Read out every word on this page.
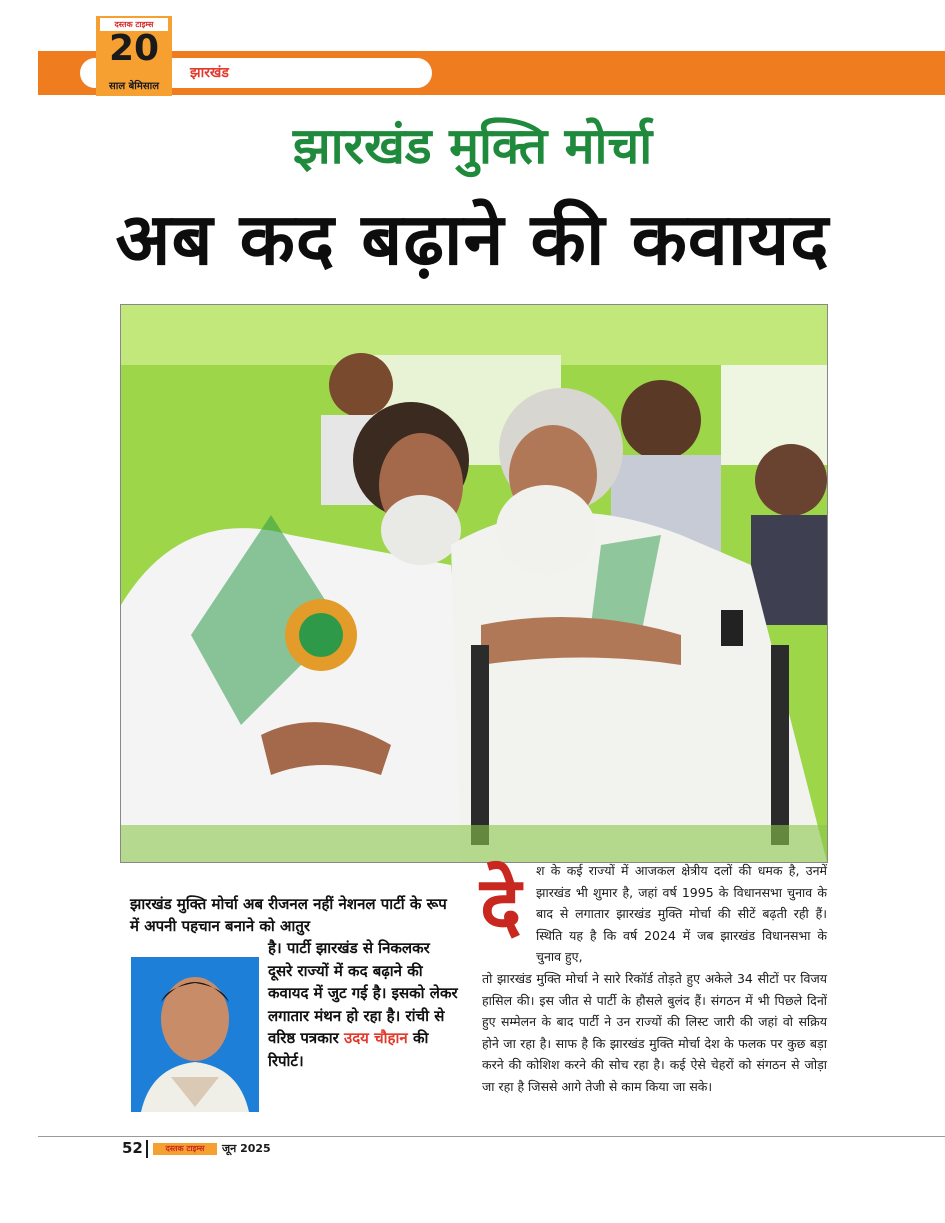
झारखंड
दस्तक टाइम्स
20
साल बेमिसाल
झारखंड मुक्ति मोर्चा
अब कद बढ़ाने की कवायद
झारखंड मुक्ति मोर्चा अब रीजनल नहीं नेशनल पार्टी के रूप में अपनी पहचान बनाने को आतुर
है। पार्टी झारखंड से निकलकर दूसरे राज्यों में कद बढ़ाने की कवायद में जुट गई है। इसको लेकर लगातार मंथन हो रहा है। रांची से वरिष्ठ पत्रकार उदय चौहान की रिपोर्ट।
दे	श के कई राज्यों में आजकल क्षेत्रीय दलों की धमक है, उनमें झारखंड भी शुमार है, जहां वर्ष 1995 के विधानसभा चुनाव के बाद से लगातार झारखंड मुक्ति मोर्चा की सीटें बढ़ती रही हैं। स्थिति यह है कि वर्ष 2024 में जब झारखंड विधानसभा के चुनाव हुए,
तो झारखंड मुक्ति मोर्चा ने सारे रिकॉर्ड तोड़ते हुए अकेले 34 सीटों पर विजय हासिल की। इस जीत से पार्टी के हौसले बुलंद हैं। संगठन में भी पिछले दिनों हुए सम्मेलन के बाद पार्टी ने उन राज्यों की लिस्ट जारी की जहां वो सक्रिय होने जा रहा है। साफ है कि झारखंड मुक्ति मोर्चा देश के फलक पर कुछ बड़ा करने की कोशिश करने की सोच रहा है। कई ऐसे चेहरों को संगठन से जोड़ा जा रहा है जिससे आगे तेजी से काम किया जा सके।
52	दस्तक टाइम्स	जून 2025
